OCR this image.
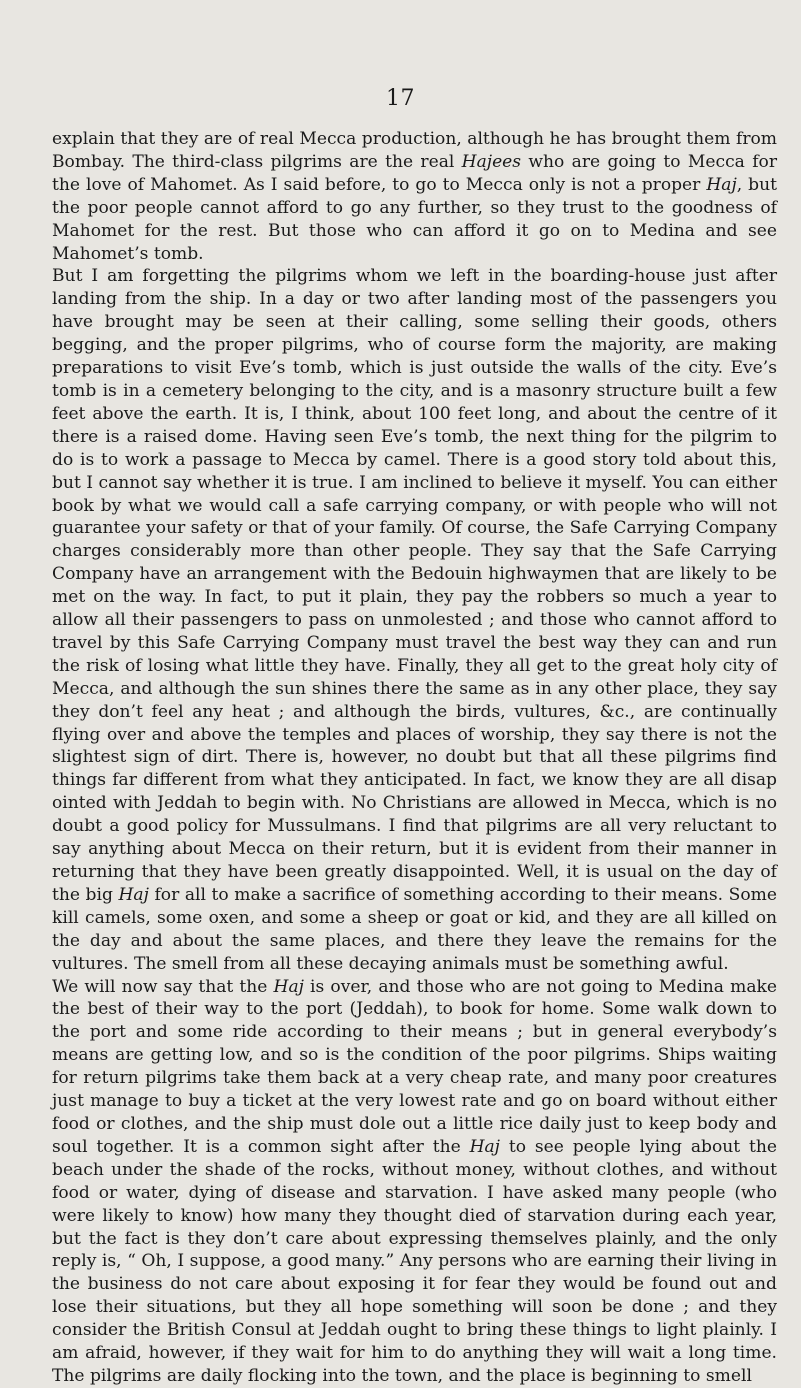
17

explain that they are of real Mecca production, although he has brought them from Bombay. The third-class pilgrims are the real Hajees who are going to Mecca for the love of Mahomet. As I said before, to go to Mecca only is not a proper Haj, but the poor people cannot afford to go any further, so they trust to the goodness of Mahomet for the rest. But those who can afford it go on to Medina and see Mahomet’s tomb.

But I am forgetting the pilgrims whom we left in the boarding-house just after landing from the ship. In a day or two after landing most of the passengers you have brought may be seen at their calling, some selling their goods, others begging, and the proper pilgrims, who of course form the majority, are making preparations to visit Eve’s tomb, which is just outside the walls of the city. Eve’s tomb is in a cemetery belonging to the city, and is a masonry structure built a few feet above the earth. It is, I think, about 100 feet long, and about the centre of it there is a raised dome. Having seen Eve’s tomb, the next thing for the pilgrim to do is to work a passage to Mecca by camel. There is a good story told about this, but I cannot say whether it is true. I am inclined to believe it myself. You can either book by what we would call a safe carrying company, or with people who will not guarantee your safety or that of your family. Of course, the Safe Carrying Company charges considerably more than other people. They say that the Safe Carrying Company have an arrangement with the Bedouin highwaymen that are likely to be met on the way. In fact, to put it plain, they pay the robbers so much a year to allow all their passengers to pass on unmolested ; and those who cannot afford to travel by this Safe Carrying Company must travel the best way they can and run the risk of losing what little they have. Finally, they all get to the great holy city of Mecca, and although the sun shines there the same as in any other place, they say they don’t feel any heat ; and although the birds, vultures, &c., are continually flying over and above the temples and places of worship, they say there is not the slightest sign of dirt. There is, however, no doubt but that all these pilgrims find things far different from what they anticipated. In fact, we know they are all disap ointed with Jeddah to begin with. No Christians are allowed in Mecca, which is no doubt a good policy for Mussulmans. I find that pilgrims are all very reluctant to say anything about Mecca on their return, but it is evident from their manner in returning that they have been greatly disappointed. Well, it is usual on the day of the big Haj for all to make a sacrifice of something according to their means. Some kill camels, some oxen, and some a sheep or goat or kid, and they are all killed on the day and about the same places, and there they leave the remains for the vultures. The smell from all these decaying animals must be something awful.

We will now say that the Haj is over, and those who are not going to Medina make the best of their way to the port (Jeddah), to book for home. Some walk down to the port and some ride according to their means ; but in general everybody’s means are getting low, and so is the condition of the poor pilgrims. Ships waiting for return pilgrims take them back at a very cheap rate, and many poor creatures just manage to buy a ticket at the very lowest rate and go on board without either food or clothes, and the ship must dole out a little rice daily just to keep body and soul together. It is a common sight after the Haj to see people lying about the beach under the shade of the rocks, without money, without clothes, and without food or water, dying of disease and starvation. I have asked many people (who were likely to know) how many they thought died of starvation during each year, but the fact is they don’t care about expressing themselves plainly, and the only reply is, “ Oh, I suppose, a good many.” Any persons who are earning their living in the business do not care about exposing it for fear they would be found out and lose their situations, but they all hope something will soon be done ; and they consider the British Consul at Jeddah ought to bring these things to light plainly. I am afraid, however, if they wait for him to do anything they will wait a long time. The pilgrims are daily flocking into the town, and the place is beginning to smell
